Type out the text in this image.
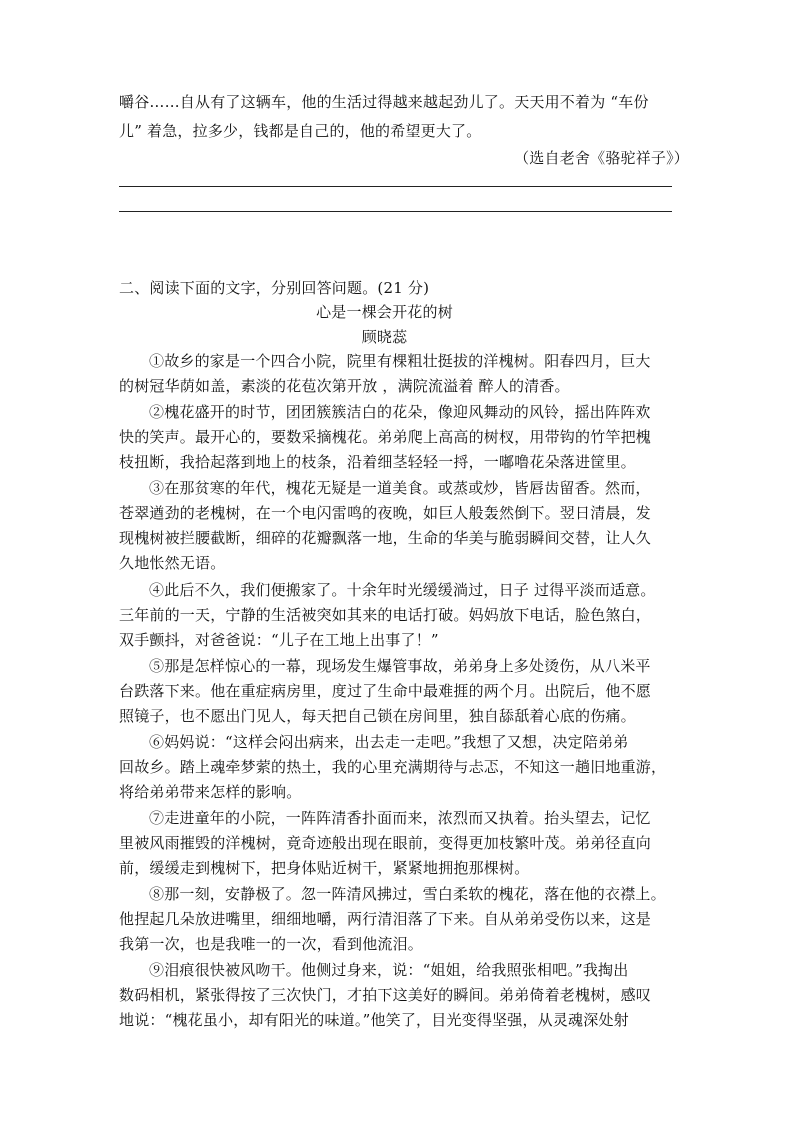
嚼谷……自从有了这辆车，他的生活过得越来越起劲儿了。天天用不着为 “车份
儿” 着急，拉多少，钱都是自己的，他的希望更大了。
（选自老舍《骆驼祥子》）
二、阅读下面的文字，分别回答问题。(21 分)
心是一棵会开花的树
顾晓蕊
①故乡的家是一个四合小院，院里有棵粗壮挺拔的洋槐树。阳春四月，巨大
的树冠华荫如盖，素淡的花苞次第开放 ，满院流溢着 醉人的清香。
②槐花盛开的时节，团团簇簇洁白的花朵，像迎风舞动的风铃，摇出阵阵欢
快的笑声。最开心的，要数采摘槐花。弟弟爬上高高的树杈，用带钩的竹竿把槐
枝扭断，我拾起落到地上的枝条，沿着细茎轻轻一捋，一嘟噜花朵落进筐里。
③在那贫寒的年代，槐花无疑是一道美食。或蒸或炒，皆唇齿留香。然而，
苍翠遒劲的老槐树，在一个电闪雷鸣的夜晚，如巨人般轰然倒下。翌日清晨，发
现槐树被拦腰截断，细碎的花瓣飘落一地，生命的华美与脆弱瞬间交替，让人久
久地怅然无语。
④此后不久，我们便搬家了。十余年时光缓缓淌过，日子 过得平淡而适意。
三年前的一天，宁静的生活被突如其来的电话打破。妈妈放下电话，脸色煞白，
双手颤抖，对爸爸说：“儿子在工地上出事了！”
⑤那是怎样惊心的一幕，现场发生爆管事故，弟弟身上多处烫伤，从八米平
台跌落下来。他在重症病房里，度过了生命中最难捱的两个月。出院后，他不愿
照镜子，也不愿出门见人，每天把自己锁在房间里，独自舔舐着心底的伤痛。
⑥妈妈说：“这样会闷出病来，出去走一走吧。”我想了又想，决定陪弟弟
回故乡。踏上魂牵梦萦的热土，我的心里充满期待与忐忑，不知这一趟旧地重游，
将给弟弟带来怎样的影响。
⑦走进童年的小院，一阵阵清香扑面而来，浓烈而又执着。抬头望去，记忆
里被风雨摧毁的洋槐树，竟奇迹般出现在眼前，变得更加枝繁叶茂。弟弟径直向
前，缓缓走到槐树下，把身体贴近树干，紧紧地拥抱那棵树。
⑧那一刻，安静极了。忽一阵清风拂过，雪白柔软的槐花，落在他的衣襟上。
他捏起几朵放进嘴里，细细地嚼，两行清泪落了下来。自从弟弟受伤以来，这是
我第一次，也是我唯一的一次，看到他流泪。
⑨泪痕很快被风吻干。他侧过身来，说：“姐姐，给我照张相吧。”我掏出
数码相机，紧张得按了三次快门，才拍下这美好的瞬间。弟弟倚着老槐树，感叹
地说：“槐花虽小，却有阳光的味道。”他笑了，目光变得坚强，从灵魂深处射
